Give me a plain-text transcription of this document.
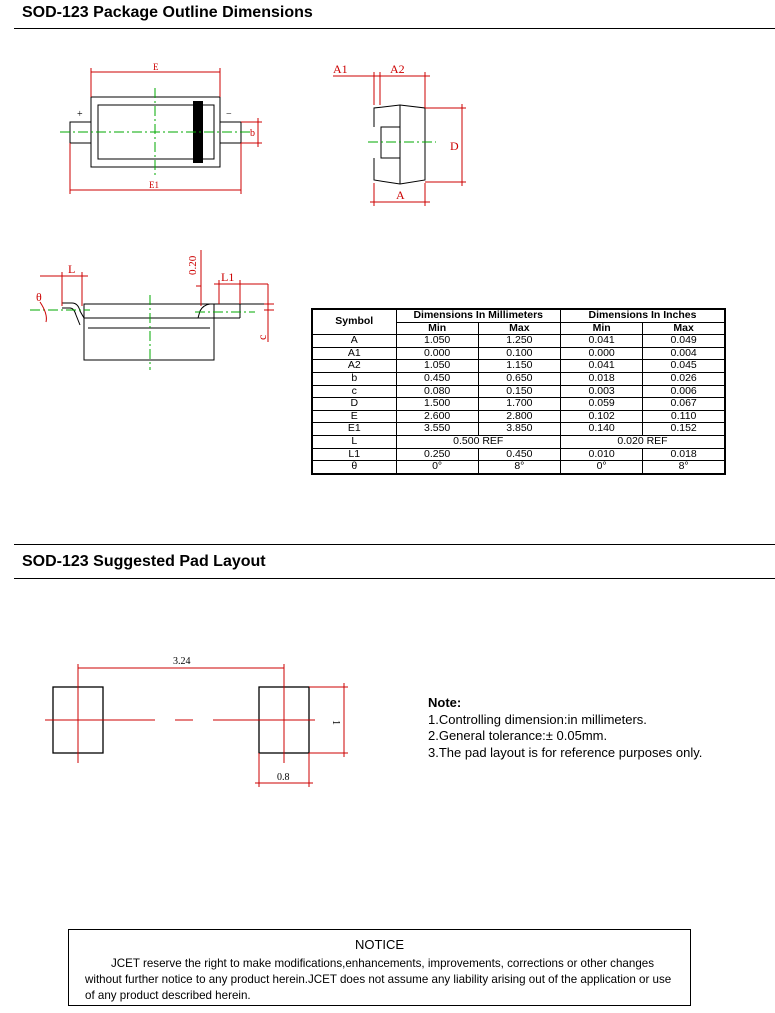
SOD-123 Package Outline Dimensions
E
E1
b
+	−
A1	A2
D
A
L
θ
0.20
L1
c
3.24
1
0.8
Symbol	Dimensions In Millimeters		Dimensions In Inches	
	Min	Max	Min	Max
A	1.050	1.250	0.041	0.049
A1	0.000	0.100	0.000	0.004
A2	1.050	1.150	0.041	0.045
b	0.450	0.650	0.018	0.026
c	0.080	0.150	0.003	0.006
D	1.500	1.700	0.059	0.067
E	2.600	2.800	0.102	0.110
E1	3.550	3.850	0.140	0.152
L	0.500 REF		0.020 REF	
L1	0.250	0.450	0.010	0.018
θ	0°	8°	0°	8°
SOD-123 Suggested Pad Layout
Note:
1.Controlling dimension:in millimeters.
2.General tolerance:± 0.05mm.
3.The pad layout is for reference purposes only.
NOTICE
JCET reserve the right to make modifications,enhancements, improvements, corrections or other changes without further notice to any product herein.JCET does not assume any liability arising out of the application or use of any product described herein.
